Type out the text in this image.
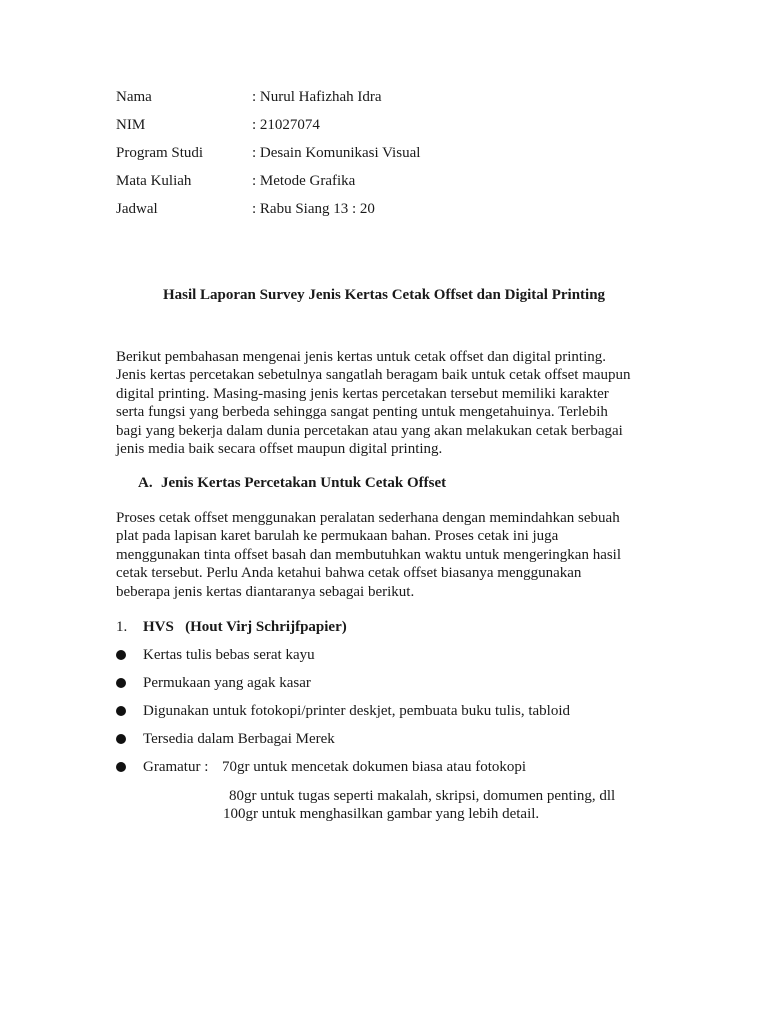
Nama	: Nurul Hafizhah Idra
NIM	: 21027074
Program Studi	: Desain Komunikasi Visual
Mata Kuliah	: Metode Grafika
Jadwal	: Rabu Siang 13 : 20
Hasil Laporan Survey Jenis Kertas Cetak Offset dan Digital Printing
Berikut pembahasan mengenai jenis kertas untuk cetak offset dan digital printing.
Jenis kertas percetakan sebetulnya sangatlah beragam baik untuk cetak offset maupun
digital printing. Masing-masing jenis kertas percetakan tersebut memiliki karakter
serta fungsi yang berbeda sehingga sangat penting untuk mengetahuinya. Terlebih
bagi yang bekerja dalam dunia percetakan atau yang akan melakukan cetak berbagai
jenis media baik secara offset maupun digital printing.
A. Jenis Kertas Percetakan Untuk Cetak Offset
Proses cetak offset menggunakan peralatan sederhana dengan memindahkan sebuah
plat pada lapisan karet barulah ke permukaan bahan. Proses cetak ini juga
menggunakan tinta offset basah dan membutuhkan waktu untuk mengeringkan hasil
cetak tersebut. Perlu Anda ketahui bahwa cetak offset biasanya menggunakan
beberapa jenis kertas diantaranya sebagai berikut.
1. HVS (Hout Virj Schrijfpapier)
Kertas tulis bebas serat kayu
Permukaan yang agak kasar
Digunakan untuk fotokopi/printer deskjet, pembuata buku tulis, tabloid
Tersedia dalam Berbagai Merek
Gramatur : 70gr untuk mencetak dokumen biasa atau fotokopi
80gr untuk tugas seperti makalah, skripsi, domumen penting, dll
100gr untuk menghasilkan gambar yang lebih detail.
